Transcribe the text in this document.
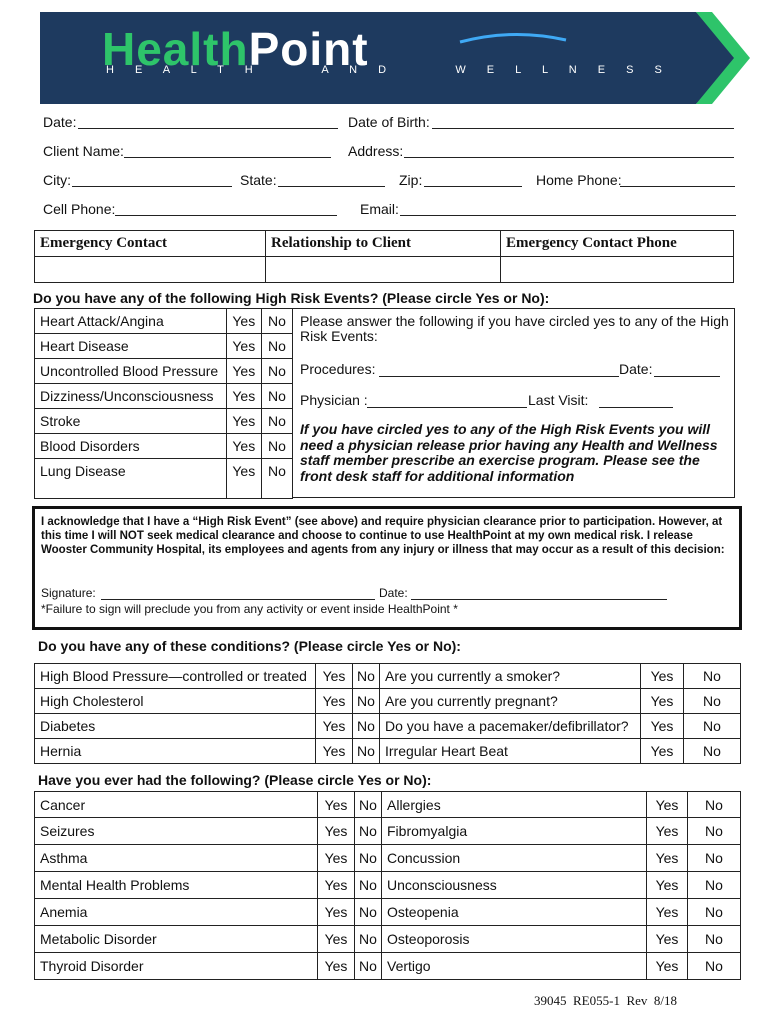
HealthPoint
H E A L T H     A N D     W E L L N E S S
Date:	Date of Birth:
Client Name:	Address:
City:	State:	Zip:	Home Phone:
Cell Phone:	Email:
Emergency Contact	Relationship to Client	Emergency Contact Phone

Do you have any of the following High Risk Events? (Please circle Yes or No):
Heart Attack/Angina	Yes	No
Heart Disease	Yes	No
Uncontrolled Blood Pressure	Yes	No
Dizziness/Unconsciousness	Yes	No
Stroke	Yes	No
Blood Disorders	Yes	No
Lung Disease	Yes	No
Please answer the following if you have circled yes to any of the High Risk Events:
Procedures:	Date:
Physician :	Last Visit:
If you have circled yes to any of the High Risk Events you will need a physician release prior having any Health and Wellness staff member prescribe an exercise program. Please see the front desk staff for additional information
I acknowledge that I have a “High Risk Event” (see above) and require physician clearance prior to participation. However, at this time I will NOT seek medical clearance and choose to continue to use HealthPoint at my own medical risk. I release Wooster Community Hospital, its employees and agents from any injury or illness that may occur as a result of this decision:
Signature:	Date:
*Failure to sign will preclude you from any activity or event inside HealthPoint *
Do you have any of these conditions? (Please circle Yes or No):
High Blood Pressure—controlled or treated	Yes	No	Are you currently a smoker?	Yes	No
High Cholesterol	Yes	No	Are you currently pregnant?	Yes	No
Diabetes	Yes	No	Do you have a pacemaker/defibrillator?	Yes	No
Hernia	Yes	No	Irregular Heart Beat	Yes	No
Have you ever had the following? (Please circle Yes or No):
Cancer	Yes	No	Allergies	Yes	No
Seizures	Yes	No	Fibromyalgia	Yes	No
Asthma	Yes	No	Concussion	Yes	No
Mental Health Problems	Yes	No	Unconsciousness	Yes	No
Anemia	Yes	No	Osteopenia	Yes	No
Metabolic Disorder	Yes	No	Osteoporosis	Yes	No
Thyroid Disorder	Yes	No	Vertigo	Yes	No
39045  RE055-1  Rev  8/18
